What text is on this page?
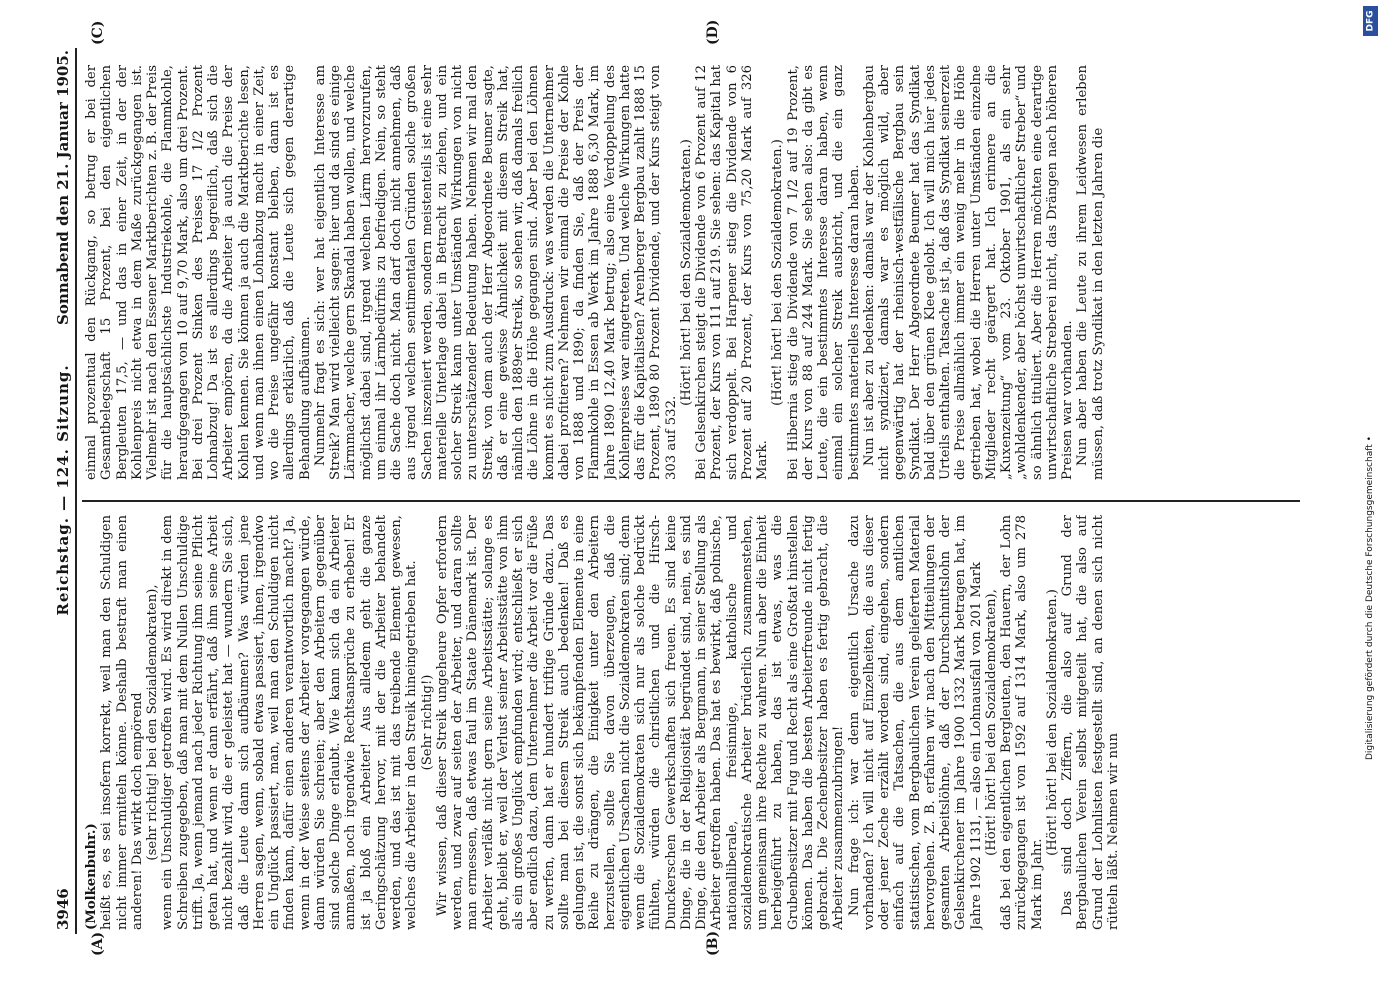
3946
Reichstag. — 124. Sitzung.
Sonnabend den 21. Januar 1905.
(A)	(B)
(C)	(D)

(Molkenbuhr.) heißt es, es sei insofern korrekt, weil man den Schuldigen nicht immer ermitteln könne. Deshalb bestraft man einen anderen! Das wirkt doch empörend (sehr richtig! bei den Sozialdemokraten), wenn ein Unschuldiger getroffen wird. Es wird direkt in dem Schreiben zugegeben, daß man mit dem Nullen Unschuldige trifft. Ja, wenn jemand nach jeder Richtung ihm seine Pflicht getan hat, und wenn er dann erfährt, daß ihm seine Arbeit nicht bezahlt wird, die er geleistet hat — wundern Sie sich, daß die Leute dann sich aufbäumen? Was würden jene Herren sagen, wenn, sobald etwas passiert, ihnen, irgendwo ein Unglück passiert, man, weil man den Schuldigen nicht finden kann, dafür einen anderen verantwortlich macht? Ja, wenn in der Weise seitens der Arbeiter vorgegangen würde, dann würden Sie schreien; aber den Arbeitern gegenüber sind solche Dinge erlaubt. Wie kann sich da ein Arbeiter anmaßen, noch irgendwie Rechtsansprüche zu erheben! Er ist ja bloß ein Arbeiter! Aus alledem geht die ganze Geringschätzung hervor, mit der die Arbeiter behandelt werden, und das ist mit das treibende Element gewesen, welches die Arbeiter in den Streik hineingetrieben hat. (Sehr richtig!) Wir wissen, daß dieser Streik ungeheure Opfer erfordern werden, und zwar auf seiten der Arbeiter, und daran sollte man ermessen, daß etwas faul im Staate Dänemark ist. Der Arbeiter verläßt nicht gern seine Arbeitsstätte; solange es geht, bleibt er, weil der Verlust seiner Arbeitsstätte von ihm als ein großes Unglück empfunden wird; entschließt er sich aber endlich dazu, dem Unternehmer die Arbeit vor die Füße zu werfen, dann hat er hundert triftige Gründe dazu. Das sollte man bei diesem Streik auch bedenken! Daß es gelungen ist, die sonst sich bekämpfenden Elemente in eine Reihe zu drängen, die Einigkeit unter den Arbeitern herzustellen, sollte Sie davon überzeugen, daß die eigentlichen Ursachen nicht die Sozialdemokraten sind; denn wenn die Sozialdemokraten sich nur als solche bedrückt fühlten, würden die christlichen und die Hirsch-Dunckerschen Gewerkschaften sich freuen. Es sind keine Dinge, die in der Religiosität begründet sind, nein, es sind Dinge, die den Arbeiter als Bergmann, in seiner Stellung als Arbeiter getroffen haben. Das hat es bewirkt, daß polnische, nationalliberale, freisinnige, katholische und sozialdemokratische Arbeiter brüderlich zusammenstehen, um gemeinsam ihre Rechte zu wahren. Nun aber die Einheit herbeigeführt zu haben, das ist etwas, was die Grubenbesitzer mit Fug und Recht als eine Großtat hinstellen können. Das haben die besten Arbeiterfreunde nicht fertig gebracht. Die Zechenbesitzer haben es fertig gebracht, die Arbeiter zusammenzubringen! Nun frage ich: war denn eigentlich Ursache dazu vorhanden? Ich will nicht auf Einzelheiten, die aus dieser oder jener Zeche erzählt worden sind, eingehen, sondern einfach auf die Tatsachen, die aus dem amtlichen statistischen, vom Bergbaulichen Verein gelieferten Material hervorgehen. Z. B. erfahren wir nach den Mitteilungen der gesamten Arbeitslöhne, daß der Durchschnittslohn der Gelsenkirchener im Jahre 1900 1332 Mark betragen hat, im Jahre 1902 1131, — also ein Lohnausfall von 201 Mark (Hört! hört! bei den Sozialdemokraten), daß bei den eigentlichen Bergleuten, den Hauern, der Lohn zurückgegangen ist von 1592 auf 1314 Mark, also um 278 Mark im Jahr.

(Hört! hört! bei den Sozialdemokraten.) Das sind doch Ziffern, die also auf Grund der Bergbaulichen Verein selbst mitgeteilt hat, die also auf Grund der Lohnlisten festgestellt sind, an denen sich nicht rütteln läßt. Nehmen wir nun

einmal prozentual den Rückgang, so betrug er bei der Gesamtbelegschaft 15 Prozent, bei den eigentlichen Bergleuten 17,5, — und das in einer Zeit, in der der Kohlenpreis nicht etwa in dem Maße zurückgegangen ist. Vielmehr ist nach den Essener Marktberichten z. B. der Preis für die hauptsächlichste Industriekohle, die Flammkohle, heraufgegangen von 10 auf 9,70 Mark, also um drei Prozent. Bei drei Prozent Sinken des Preises 17 1/2 Prozent Lohnabzug! Da ist es allerdings begreiflich, daß sich die Arbeiter empören, da die Arbeiter ja auch die Preise der Kohlen kennen. Sie können ja auch die Marktberichte lesen, und wenn man ihnen einen Lohnabzug macht in einer Zeit, wo die Preise ungefähr konstant bleiben, dann ist es allerdings erklärlich, daß die Leute sich gegen derartige Behandlung aufbäumen. Nunmehr fragt es sich: wer hat eigentlich Interesse am Streik? Man wird vielleicht sagen: hier und da sind es einige Lärmmacher, welche gern Skandal haben wollen, und welche möglichst dabei sind, irgend welchen Lärm hervorzurufen, um einmal ihr Lärmbedürfnis zu befriedigen. Nein, so steht die Sache doch nicht. Man darf doch nicht annehmen, daß aus irgend welchen sentimentalen Gründen solche großen Sachen inszeniert werden, sondern meistenteils ist eine sehr materielle Unterlage dabei in Betracht zu ziehen, und ein solcher Streik kann unter Umständen Wirkungen von nicht zu unterschätzender Bedeutung haben. Nehmen wir mal den Streik, von dem auch der Herr Abgeordnete Beumer sagte, daß er eine gewisse Ähnlichkeit mit diesem Streik hat, nämlich den 1889er Streik, so sehen wir, daß damals freilich die Löhne in die Höhe gegangen sind. Aber bei den Löhnen kommt es nicht zum Ausdruck: was werden die Unternehmer dabei profitieren? Nehmen wir einmal die Preise der Kohle von 1888 und 1890; da finden Sie, daß der Preis der Flammkohle in Essen ab Werk im Jahre 1888 6,30 Mark, im Jahre 1890 12,40 Mark betrug; also eine Verdoppelung des Kohlenpreises war eingetreten. Und welche Wirkungen hatte das für die Kapitalisten? Arenberger Bergbau zahlt 1888 15 Prozent, 1890 80 Prozent Dividende, und der Kurs steigt von 303 auf 532.

(Hört! hört! bei den Sozialdemokraten.) Bei Gelsenkirchen steigt die Dividende von 6 Prozent auf 12 Prozent, der Kurs von 111 auf 219. Sie sehen: das Kapital hat sich verdoppelt. Bei Harpener stieg die Dividende von 6 Prozent auf 20 Prozent, der Kurs von 75,20 Mark auf 326 Mark.

(Hört! hört! bei den Sozialdemokraten.) Bei Hibernia stieg die Dividende von 7 1/2 auf 19 Prozent, der Kurs von 88 auf 244 Mark. Sie sehen also: da gibt es Leute, die ein bestimmtes Interesse daran haben, wenn einmal ein solcher Streik ausbricht, und die ein ganz bestimmtes materielles Interesse daran haben. Nun ist aber zu bedenken: damals war der Kohlenbergbau nicht syndiziert, damals war es möglich wild, aber gegenwärtig hat der rheinisch-westfälische Bergbau sein Syndikat. Der Herr Abgeordnete Beumer hat das Syndikat bald über den grünen Klee gelobt. Ich will mich hier jedes Urteils enthalten. Tatsache ist ja, daß das Syndikat seinerzeit die Preise allmählich immer ein wenig mehr in die Höhe getrieben hat, wobei die Herren unter Umständen einzelne Mitglieder recht geärgert hat. Ich erinnere an die „Kuxenzeitung“ vom 23. Oktober 1901, als ein sehr „wohldenkender, aber höchst unwirtschaftlicher Streber“ und so ähnlich tituliert. Aber die Herren möchten eine derartige unwirtschaftliche Streberei nicht, das Drängen nach höheren Preisen war vorhanden. Nun aber haben die Leute zu ihrem Leidwesen erleben müssen, daß trotz Syndikat in den letzten Jahren die

DFG
Digitalisierung gefördert durch die Deutsche Forschungsgemeinschaft •
